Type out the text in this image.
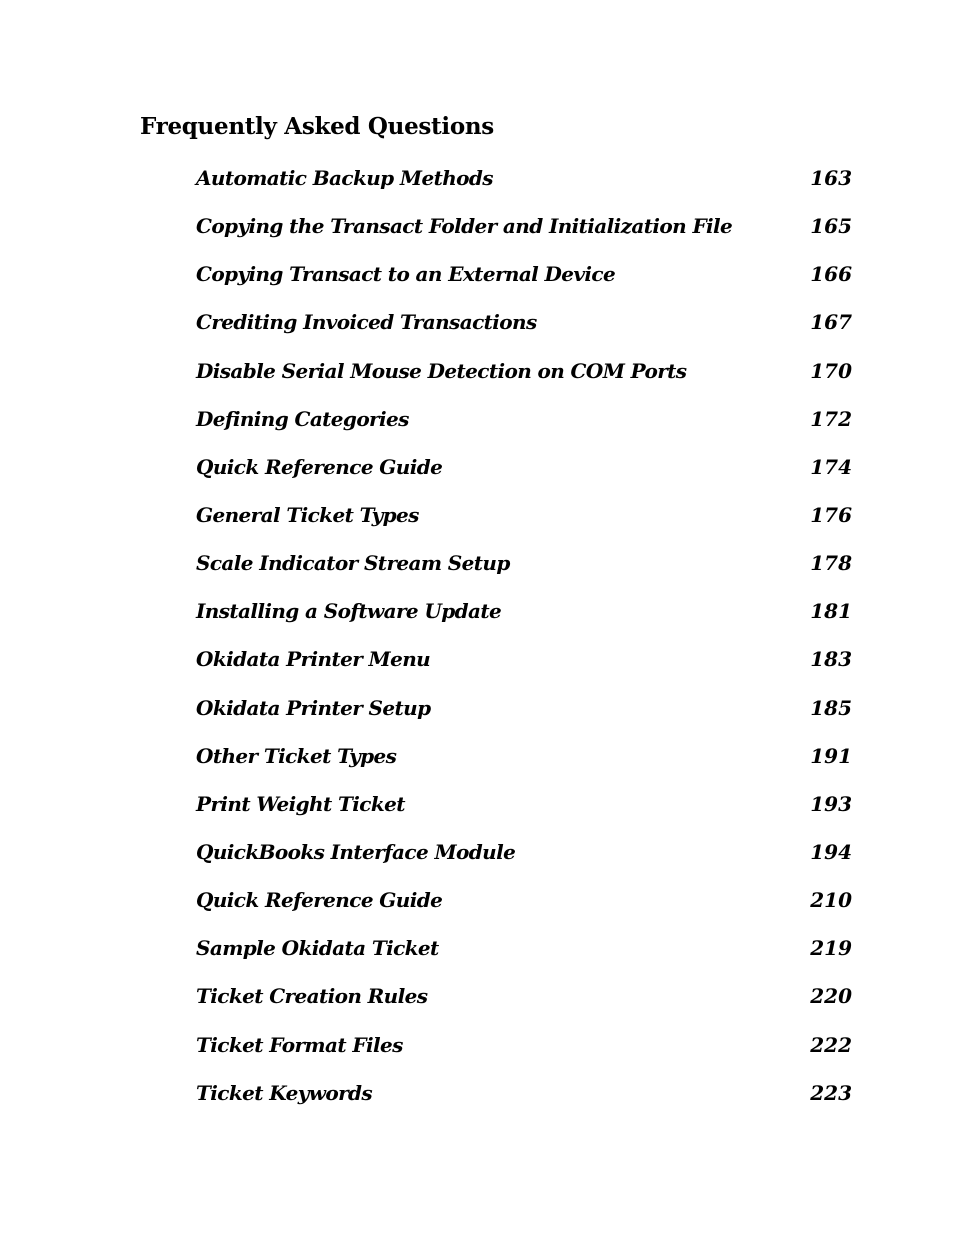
Frequently Asked Questions
Automatic Backup Methods	163
Copying the Transact Folder and Initialization File	165
Copying Transact to an External Device	166
Crediting Invoiced Transactions	167
Disable Serial Mouse Detection on COM Ports	170
Defining Categories	172
Quick Reference Guide	174
General Ticket Types	176
Scale Indicator Stream Setup	178
Installing a Software Update	181
Okidata Printer Menu	183
Okidata Printer Setup	185
Other Ticket Types	191
Print Weight Ticket	193
QuickBooks Interface Module	194
Quick Reference Guide	210
Sample Okidata Ticket	219
Ticket Creation Rules	220
Ticket Format Files	222
Ticket Keywords	223
